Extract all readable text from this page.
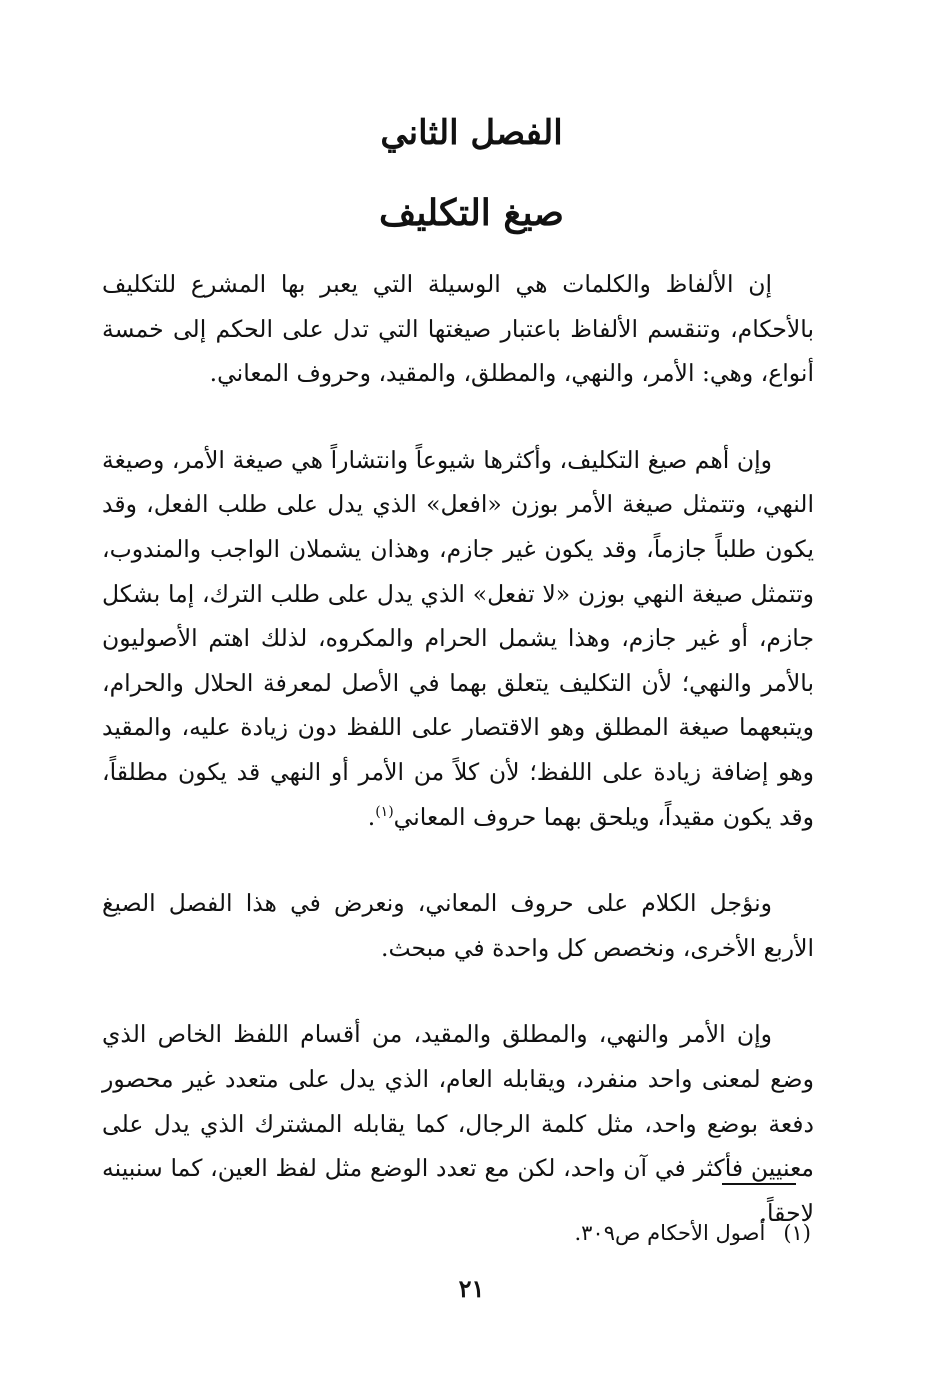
الفصل الثاني
صيغ التكليف

إن الألفاظ والكلمات هي الوسيلة التي يعبر بها المشرع للتكليف بالأحكام، وتنقسم الألفاظ باعتبار صيغتها التي تدل على الحكم إلى خمسة أنواع، وهي: الأمر، والنهي، والمطلق، والمقيد، وحروف المعاني.

وإن أهم صيغ التكليف، وأكثرها شيوعاً وانتشاراً هي صيغة الأمر، وصيغة النهي، وتتمثل صيغة الأمر بوزن «افعل» الذي يدل على طلب الفعل، وقد يكون طلباً جازماً، وقد يكون غير جازم، وهذان يشملان الواجب والمندوب، وتتمثل صيغة النهي بوزن «لا تفعل» الذي يدل على طلب الترك، إما بشكل جازم، أو غير جازم، وهذا يشمل الحرام والمكروه، لذلك اهتم الأصوليون بالأمر والنهي؛ لأن التكليف يتعلق بهما في الأصل لمعرفة الحلال والحرام، ويتبعهما صيغة المطلق وهو الاقتصار على اللفظ دون زيادة عليه، والمقيد وهو إضافة زيادة على اللفظ؛ لأن كلاً من الأمر أو النهي قد يكون مطلقاً، وقد يكون مقيداً، ويلحق بهما حروف المعاني$^{(١)}$.

ونؤجل الكلام على حروف المعاني، ونعرض في هذا الفصل الصيغ الأربع الأخرى، ونخصص كل واحدة في مبحث.

وإن الأمر والنهي، والمطلق والمقيد، من أقسام اللفظ الخاص الذي وضع لمعنى واحد منفرد، ويقابله العام، الذي يدل على متعدد غير محصور دفعة بوضع واحد، مثل كلمة الرجال، كما يقابله المشترك الذي يدل على معنيين فأكثر في آن واحد، لكن مع تعدد الوضع مثل لفظ العين، كما سنبينه لاحقاً.

(١)أصول الأحكام ص٣٠٩.
٢١
